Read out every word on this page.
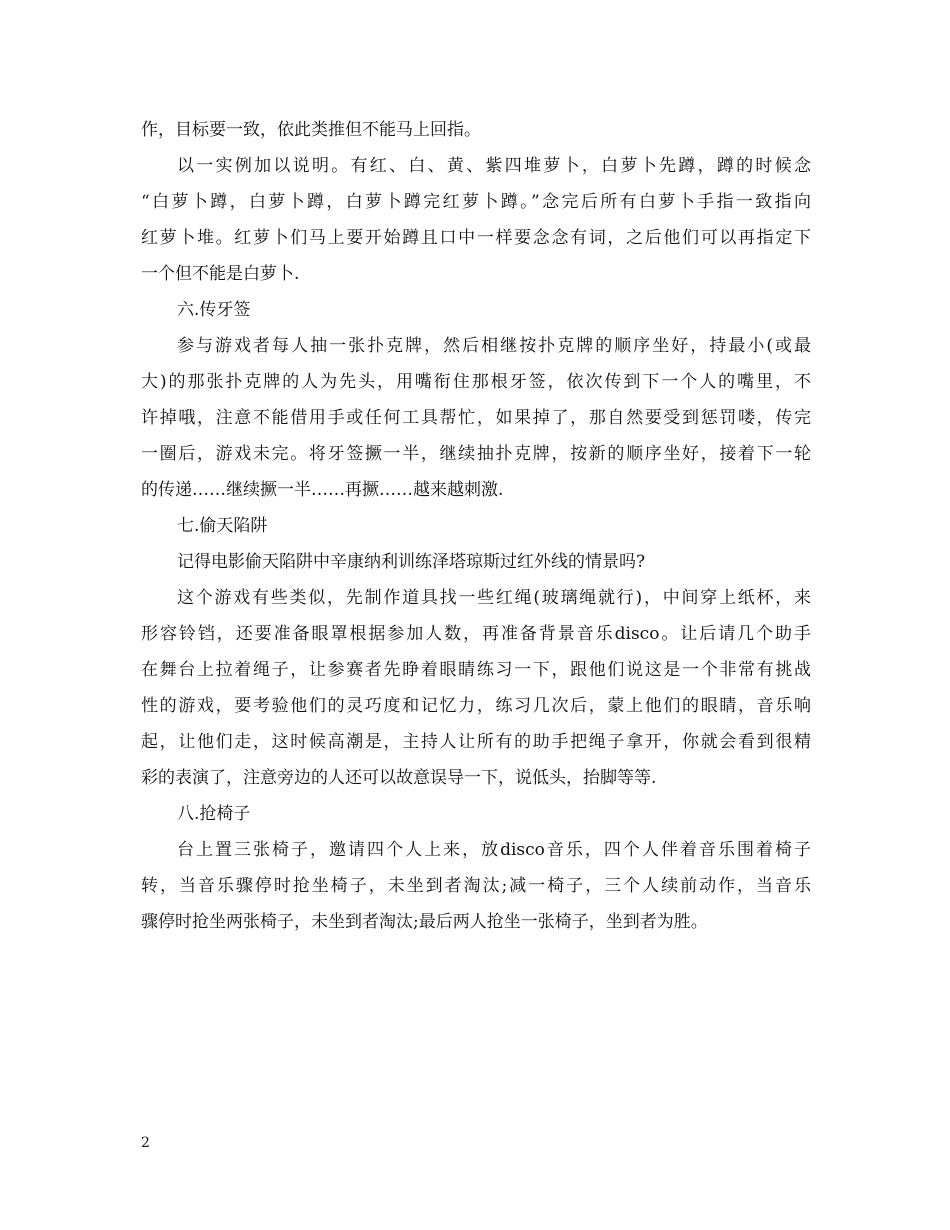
作，目标要一致，依此类推但不能马上回指。
以一实例加以说明。有红、白、黄、紫四堆萝卜，白萝卜先蹲，蹲的时候念
“白萝卜蹲，白萝卜蹲，白萝卜蹲完红萝卜蹲。”念完后所有白萝卜手指一致指向
红萝卜堆。红萝卜们马上要开始蹲且口中一样要念念有词，之后他们可以再指定下
一个但不能是白萝卜.
六.传牙签
参与游戏者每人抽一张扑克牌，然后相继按扑克牌的顺序坐好，持最小(或最
大)的那张扑克牌的人为先头，用嘴衔住那根牙签，依次传到下一个人的嘴里，不
许掉哦，注意不能借用手或任何工具帮忙，如果掉了，那自然要受到惩罚喽，传完
一圈后，游戏未完。将牙签撅一半，继续抽扑克牌，按新的顺序坐好，接着下一轮
的传递……继续撅一半……再撅……越来越刺激.
七.偷天陷阱
记得电影偷天陷阱中辛康纳利训练泽塔琼斯过红外线的情景吗?
这个游戏有些类似，先制作道具找一些红绳(玻璃绳就行)，中间穿上纸杯，来
形容铃铛，还要准备眼罩根据参加人数，再准备背景音乐disco。让后请几个助手
在舞台上拉着绳子，让参赛者先睁着眼睛练习一下，跟他们说这是一个非常有挑战
性的游戏，要考验他们的灵巧度和记忆力，练习几次后，蒙上他们的眼睛，音乐响
起，让他们走，这时候高潮是，主持人让所有的助手把绳子拿开，你就会看到很精
彩的表演了，注意旁边的人还可以故意误导一下，说低头，抬脚等等.
八.抢椅子
台上置三张椅子，邀请四个人上来，放disco音乐，四个人伴着音乐围着椅子
转，当音乐骤停时抢坐椅子，未坐到者淘汰;减一椅子，三个人续前动作，当音乐
骤停时抢坐两张椅子，未坐到者淘汰;最后两人抢坐一张椅子，坐到者为胜。
2
